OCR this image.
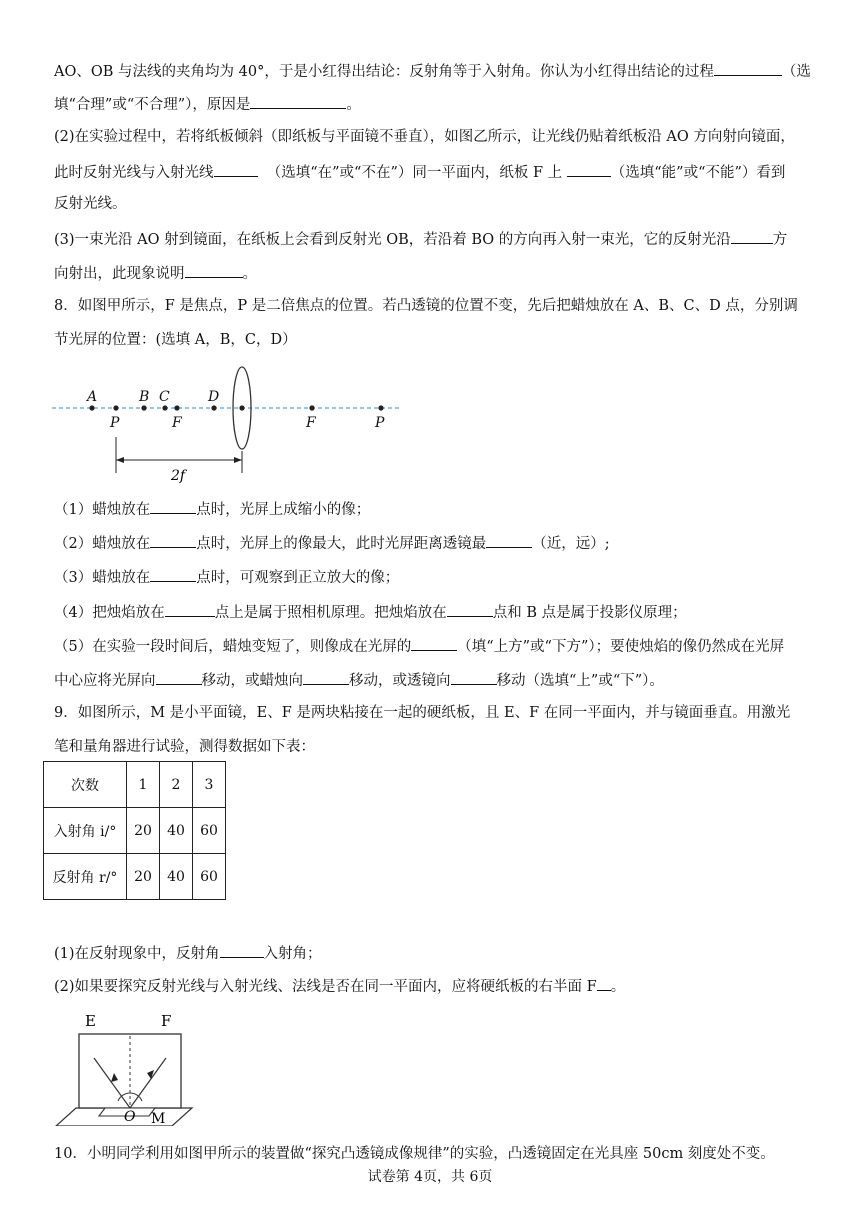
AO、OB 与法线的夹角均为 40°，于是小红得出结论：反射角等于入射角。你认为小红得出结论的过程	（选
填“合理”或“不合理”），原因是	。
(2)在实验过程中，若将纸板倾斜（即纸板与平面镜不垂直），如图乙所示，让光线仍贴着纸板沿 AO 方向射向镜面，
此时反射光线与入射光线	（选填“在”或“不在”）同一平面内，纸板 F 上	（选填“能”或“不能”）看到
反射光线。
(3)一束光沿 AO 射到镜面，在纸板上会看到反射光 OB，若沿着 BO 的方向再入射一束光，它的反射光沿	方
向射出，此现象说明	。
8．如图甲所示，F 是焦点，P 是二倍焦点的位置。若凸透镜的位置不变，先后把蜡烛放在 A、B、C、D 点，分别调
节光屏的位置：(选填 A，B，C，D）
A	B C	D
P	F	F	P
2f
（1）蜡烛放在	点时，光屏上成缩小的像；
（2）蜡烛放在	点时，光屏上的像最大，此时光屏距离透镜最	（近，远）;
（3）蜡烛放在	点时，可观察到正立放大的像；
（4）把烛焰放在	点上是属于照相机原理。把烛焰放在	点和 B 点是属于投影仪原理；
（5）在实验一段时间后，蜡烛变短了，则像成在光屏的	（填“上方”或“下方”）；要使烛焰的像仍然成在光屏
中心应将光屏向	移动，或蜡烛向	移动，或透镜向	移动（选填“上”或“下”）。
9．如图所示，M 是小平面镜，E、F 是两块粘接在一起的硬纸板，且 E、F 在同一平面内，并与镜面垂直。用激光
笔和量角器进行试验，测得数据如下表：
次数	1	2	3
入射角 i/°	20	40	60
反射角 r/°	20	40	60
(1)在反射现象中，反射角	入射角；
(2)如果要探究反射光线与入射光线、法线是否在同一平面内，应将硬纸板的右半面 F 。
E	F
O M
10．小明同学利用如图甲所示的装置做“探究凸透镜成像规律”的实验，凸透镜固定在光具座 50cm 刻度处不变。
试卷第 4页，共 6页
